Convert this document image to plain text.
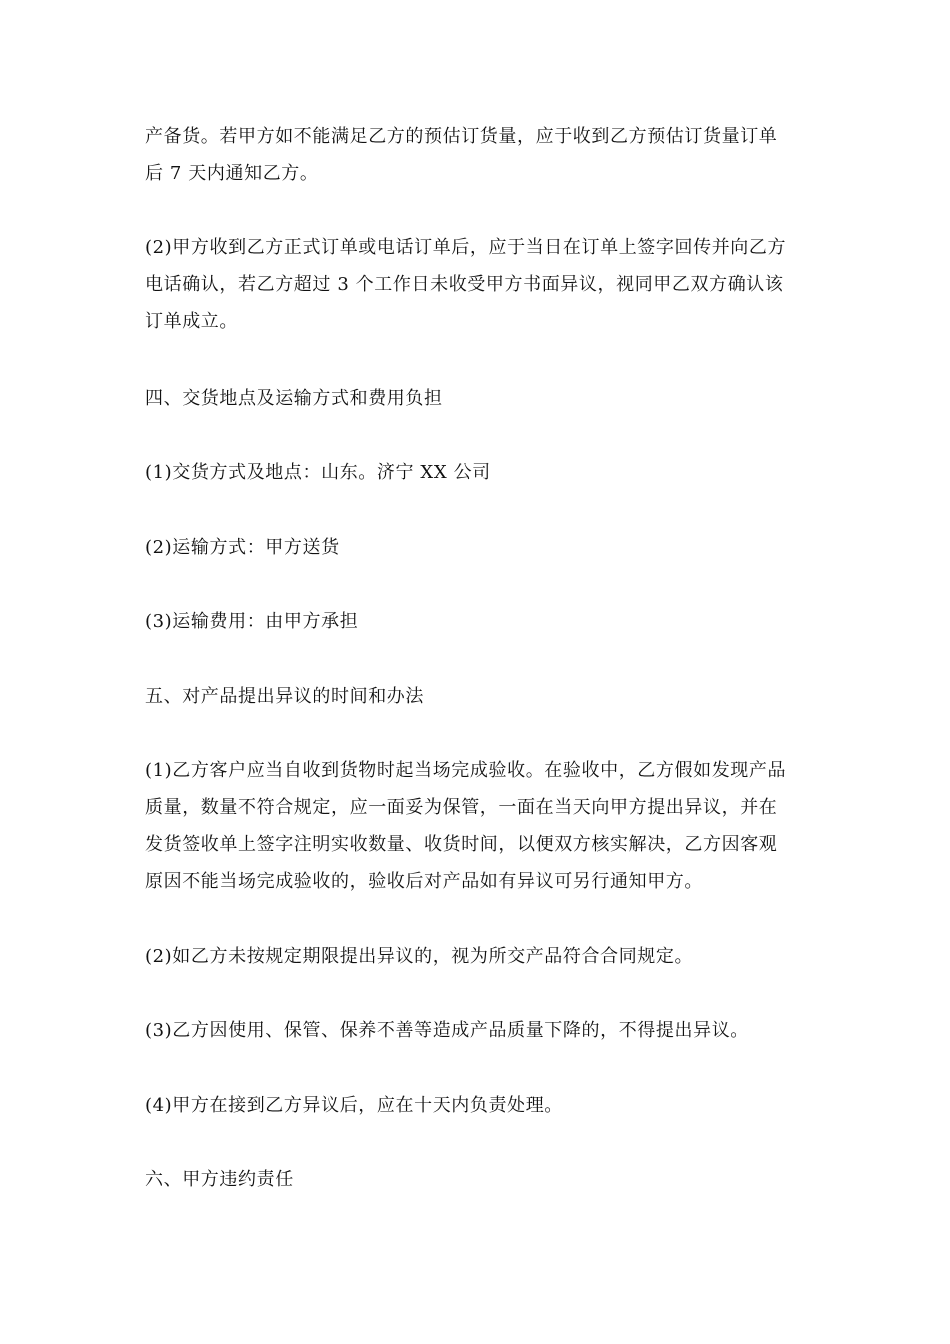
产备货。若甲方如不能满足乙方的预估订货量，应于收到乙方预估订货量订单
后 7 天内通知乙方。
(2)甲方收到乙方正式订单或电话订单后，应于当日在订单上签字回传并向乙方
电话确认，若乙方超过 3 个工作日未收受甲方书面异议，视同甲乙双方确认该
订单成立。
四、交货地点及运输方式和费用负担
(1)交货方式及地点：山东。济宁 XX 公司
(2)运输方式：甲方送货
(3)运输费用：由甲方承担
五、对产品提出异议的时间和办法
(1)乙方客户应当自收到货物时起当场完成验收。在验收中，乙方假如发现产品
质量，数量不符合规定，应一面妥为保管，一面在当天向甲方提出异议，并在
发货签收单上签字注明实收数量、收货时间，以便双方核实解决，乙方因客观
原因不能当场完成验收的，验收后对产品如有异议可另行通知甲方。
(2)如乙方未按规定期限提出异议的，视为所交产品符合合同规定。
(3)乙方因使用、保管、保养不善等造成产品质量下降的，不得提出异议。
(4)甲方在接到乙方异议后，应在十天内负责处理。
六、甲方违约责任
